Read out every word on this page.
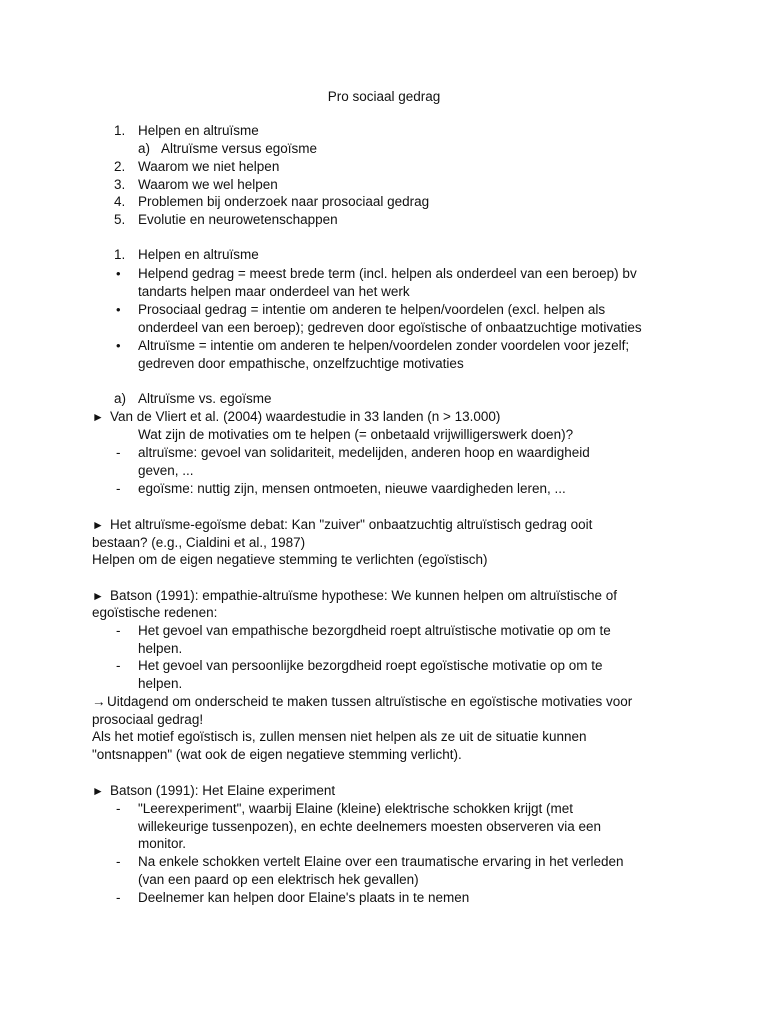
Pro sociaal gedrag
1. Helpen en altruïsme
a) Altruïsme versus egoïsme
2. Waarom we niet helpen
3. Waarom we wel helpen
4. Problemen bij onderzoek naar prosociaal gedrag
5. Evolutie en neurowetenschappen
1. Helpen en altruïsme
•	Helpend gedrag = meest brede term (incl. helpen als onderdeel van een beroep) bv
tandarts helpen maar onderdeel van het werk
•	Prosociaal gedrag = intentie om anderen te helpen/voordelen (excl. helpen als
onderdeel van een beroep); gedreven door egoïstische of onbaatzuchtige motivaties
•	Altruïsme = intentie om anderen te helpen/voordelen zonder voordelen voor jezelf;
gedreven door empathische, onzelfzuchtige motivaties
a) Altruïsme vs. egoïsme
► Van de Vliert et al. (2004) waardestudie in 33 landen (n > 13.000)
Wat zijn de motivaties om te helpen (= onbetaald vrijwilligerswerk doen)?
-	altruïsme: gevoel van solidariteit, medelijden, anderen hoop en waardigheid
geven, ...
-	egoïsme: nuttig zijn, mensen ontmoeten, nieuwe vaardigheden leren, ...
► Het altruïsme-egoïsme debat: Kan "zuiver" onbaatzuchtig altruïstisch gedrag ooit
bestaan? (e.g., Cialdini et al., 1987)
Helpen om de eigen negatieve stemming te verlichten (egoïstisch)
► Batson (1991): empathie-altruïsme hypothese: We kunnen helpen om altruïstische of
egoïstische redenen:
-	Het gevoel van empathische bezorgdheid roept altruïstische motivatie op om te
helpen.
-	Het gevoel van persoonlijke bezorgdheid roept egoïstische motivatie op om te
helpen.
→ Uitdagend om onderscheid te maken tussen altruïstische en egoïstische motivaties voor
prosociaal gedrag!
Als het motief egoïstisch is, zullen mensen niet helpen als ze uit de situatie kunnen
"ontsnappen" (wat ook de eigen negatieve stemming verlicht).
► Batson (1991): Het Elaine experiment
-	"Leerexperiment", waarbij Elaine (kleine) elektrische schokken krijgt (met
willekeurige tussenpozen), en echte deelnemers moesten observeren via een
monitor.
-	Na enkele schokken vertelt Elaine over een traumatische ervaring in het verleden
(van een paard op een elektrisch hek gevallen)
-	Deelnemer kan helpen door Elaine's plaats in te nemen
